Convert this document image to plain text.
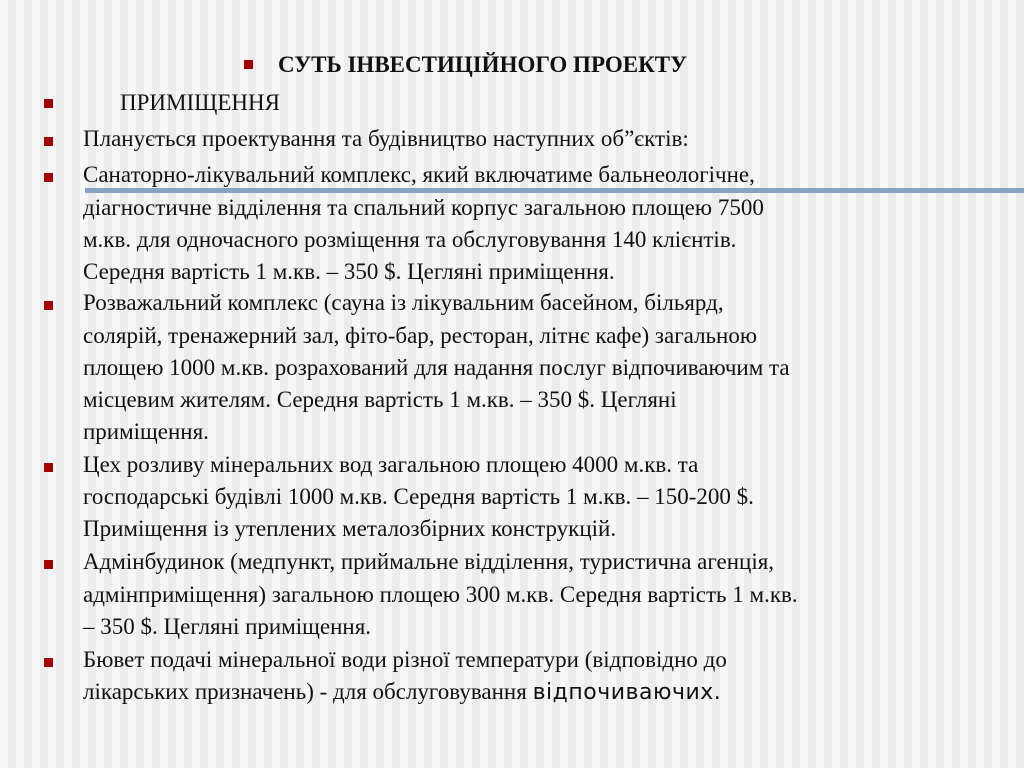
СУТЬ ІНВЕСТИЦІЙНОГО ПРОЕКТУ
ПРИМІЩЕННЯ
Планується проектування та будівництво наступних об”єктів:
Санаторно-лікувальний комплекс, який включатиме бальнеологічне,
діагностичне відділення та спальний корпус загальною площею 7500
м.кв. для одночасного розміщення та обслуговування 140 клієнтів.
Середня вартість 1 м.кв. – 350 $. Цегляні приміщення.
Розважальний комплекс (сауна із лікувальним басейном, більярд,
солярій, тренажерний зал, фіто-бар, ресторан, літнє кафе) загальною
площею 1000 м.кв. розрахований для надання послуг відпочиваючим та
місцевим жителям. Середня вартість 1 м.кв. – 350 $. Цегляні
приміщення.
Цех розливу мінеральних вод загальною площею 4000 м.кв. та
господарські будівлі 1000 м.кв. Середня вартість 1 м.кв. – 150-200 $.
Приміщення із утеплених металозбірних конструкцій.
Адмінбудинок (медпункт, приймальне відділення, туристична агенція,
адмінприміщення) загальною площею 300 м.кв. Середня вартість 1 м.кв.
– 350 $. Цегляні приміщення.
Бювет подачі мінеральної води різної температури (відповідно до
лікарських призначень) - для обслуговування відпочиваючих.
